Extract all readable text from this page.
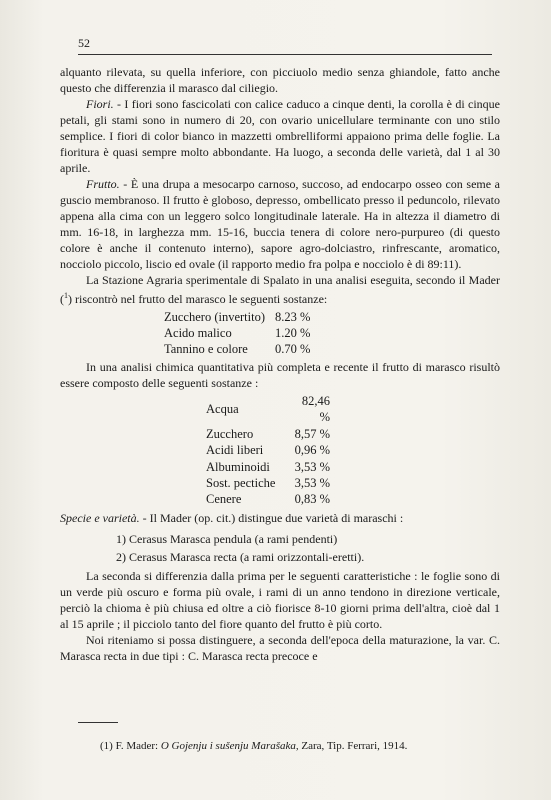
52

alquanto rilevata, su quella inferiore, con picciuolo medio senza ghiandole, fatto anche questo che differenzia il marasco dal ciliegio.

Fiori. - I fiori sono fascicolati con calice caduco a cinque denti, la corolla è di cinque petali, gli stami sono in numero di 20, con ovario unicellulare terminante con uno stilo semplice. I fiori di color bianco in mazzetti ombrelliformi appaiono prima delle foglie. La fioritura è quasi sempre molto abbondante. Ha luogo, a seconda delle varietà, dal 1 al 30 aprile.

Frutto. - È una drupa a mesocarpo carnoso, succoso, ad endocarpo osseo con seme a guscio membranoso. Il frutto è globoso, depresso, ombellicato presso il peduncolo, rilevato appena alla cima con un leggero solco longitudinale laterale. Ha in altezza il diametro di mm. 16-18, in larghezza mm. 15-16, buccia tenera di colore nero-purpureo (di questo colore è anche il contenuto interno), sapore agro-dolciastro, rinfrescante, aromatico, nocciolo piccolo, liscio ed ovale (il rapporto medio fra polpa e nocciolo è di 89:11).

La Stazione Agraria sperimentale di Spalato in una analisi eseguita, secondo il Mader ($^1$) riscontrò nel frutto del marasco le seguenti sostanze:

Zucchero (invertito)	8.23 %
Acido malico	1.20 %
Tannino e colore	0.70 %

In una analisi chimica quantitativa più completa e recente il frutto di marasco risultò essere composto delle seguenti sostanze :

Acqua	82,46 %
Zucchero	8,57 %
Acidi liberi	0,96 %
Albuminoidi	3,53 %
Sost. pectiche	3,53 %
Cenere	0,83 %

Specie e varietà. - Il Mader (op. cit.) distingue due varietà di maraschi :

1) Cerasus Marasca pendula (a rami pendenti)
2) Cerasus Marasca recta (a rami orizzontali-eretti).

La seconda si differenzia dalla prima per le seguenti caratteristiche : le foglie sono di un verde più oscuro e forma più ovale, i rami di un anno tendono in direzione verticale, perciò la chioma è più chiusa ed oltre a ciò fiorisce 8-10 giorni prima dell'altra, cioè dal 1 al 15 aprile ; il picciolo tanto del fiore quanto del frutto è più corto.

Noi riteniamo si possa distinguere, a seconda dell'epoca della maturazione, la var. C. Marasca recta in due tipi : C. Marasca recta precoce e

(1) F. Mader: O Gojenju i sušenju Marašaka, Zara, Tip. Ferrari, 1914.
